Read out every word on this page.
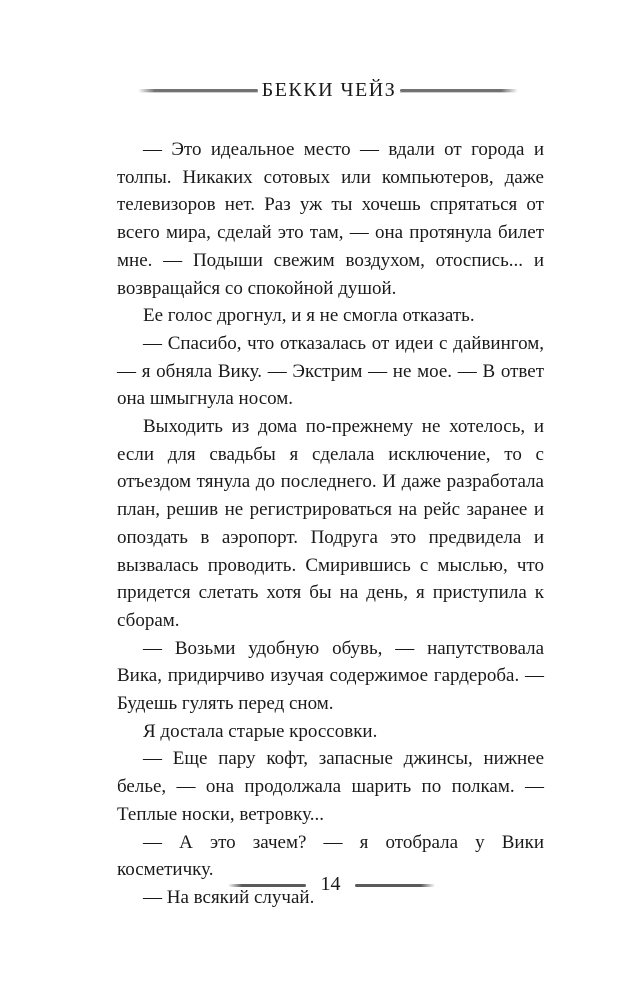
БЕККИ ЧЕЙЗ

— Это идеальное место — вдали от города и толпы. Никаких сотовых или компьютеров, даже телевизоров нет. Раз уж ты хочешь спрятаться от всего мира, сделай это там, — она протянула билет мне. — Подыши свежим воздухом, отоспись... и возвращайся со спокойной душой.

Ее голос дрогнул, и я не смогла отказать.

— Спасибо, что отказалась от идеи с дайвингом, — я обняла Вику. — Экстрим — не мое. — В ответ она шмыгнула носом.

Выходить из дома по-прежнему не хотелось, и если для свадьбы я сделала исключение, то с отъездом тянула до последнего. И даже разработала план, решив не регистрироваться на рейс заранее и опоздать в аэропорт. Подруга это предвидела и вызвалась проводить. Смирившись с мыслью, что придется слетать хотя бы на день, я приступила к сборам.

— Возьми удобную обувь, — напутствовала Вика, придирчиво изучая содержимое гардероба. — Будешь гулять перед сном.

Я достала старые кроссовки.

— Еще пару кофт, запасные джинсы, нижнее белье, — она продолжала шарить по полкам. — Теплые носки, ветровку...

— А это зачем? — я отобрала у Вики косметичку.

— На всякий случай.

14
